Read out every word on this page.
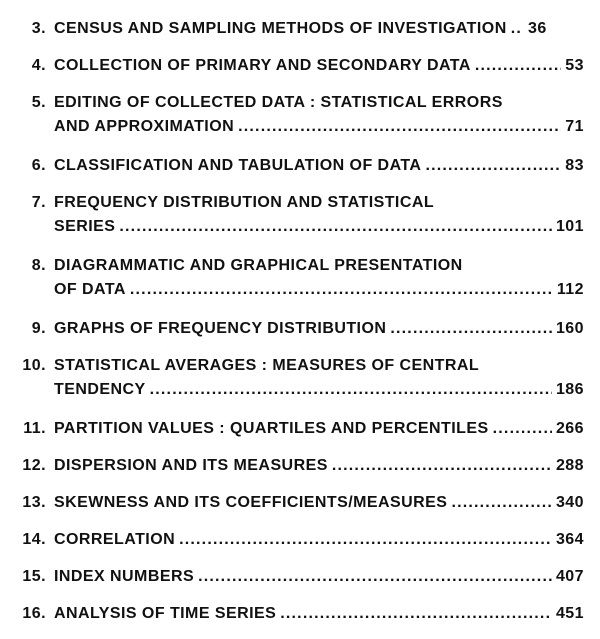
3. CENSUS AND SAMPLING METHODS OF INVESTIGATION .. 36
4. COLLECTION OF PRIMARY AND SECONDARY DATA .....	53
5. EDITING OF COLLECTED DATA : STATISTICAL ERRORS
AND APPROXIMATION .....	71
6. CLASSIFICATION AND TABULATION OF DATA .....	83
7. FREQUENCY DISTRIBUTION AND STATISTICAL
SERIES .....	101
8. DIAGRAMMATIC AND GRAPHICAL PRESENTATION
OF DATA .....	112
9. GRAPHS OF FREQUENCY DISTRIBUTION .....	160
10. STATISTICAL AVERAGES : MEASURES OF CENTRAL
TENDENCY .....	186
11. PARTITION VALUES : QUARTILES AND PERCENTILES .....	266
12. DISPERSION AND ITS MEASURES .....	288
13. SKEWNESS AND ITS COEFFICIENTS/MEASURES .....	340
14. CORRELATION .....	364
15. INDEX NUMBERS .....	407
16. ANALYSIS OF TIME SERIES .....	451
